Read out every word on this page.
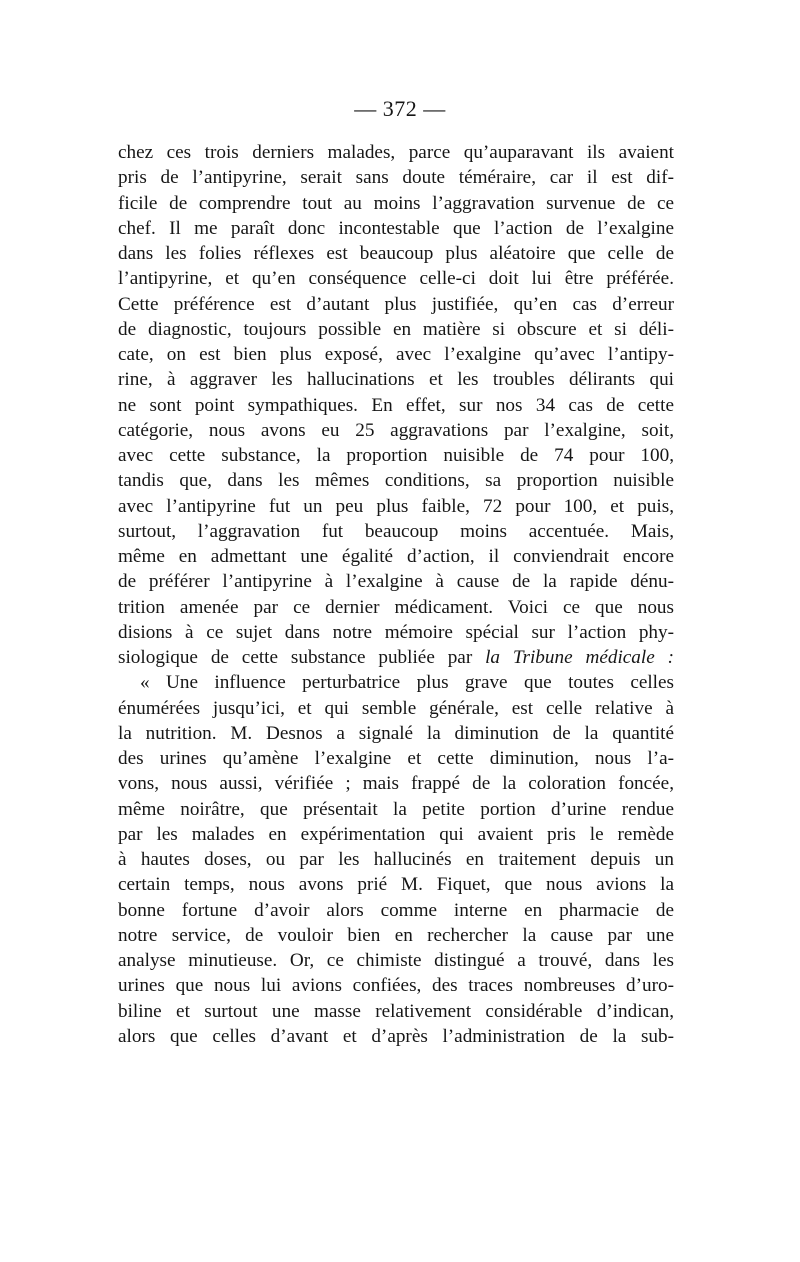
— 372 —
chez ces trois derniers malades, parce qu’auparavant ils avaient
pris de l’antipyrine, serait sans doute téméraire, car il est dif-
ficile de comprendre tout au moins l’aggravation survenue de ce
chef. Il me paraît donc incontestable que l’action de l’exalgine
dans les folies réflexes est beaucoup plus aléatoire que celle de
l’antipyrine, et qu’en conséquence celle-ci doit lui être préférée.
Cette préférence est d’autant plus justifiée, qu’en cas d’erreur
de diagnostic, toujours possible en matière si obscure et si déli-
cate, on est bien plus exposé, avec l’exalgine qu’avec l’antipy-
rine, à aggraver les hallucinations et les troubles délirants qui
ne sont point sympathiques. En effet, sur nos 34 cas de cette
catégorie, nous avons eu 25 aggravations par l’exalgine, soit,
avec cette substance, la proportion nuisible de 74 pour 100,
tandis que, dans les mêmes conditions, sa proportion nuisible
avec l’antipyrine fut un peu plus faible, 72 pour 100, et puis,
surtout, l’aggravation fut beaucoup moins accentuée. Mais,
même en admettant une égalité d’action, il conviendrait encore
de préférer l’antipyrine à l’exalgine à cause de la rapide dénu-
trition amenée par ce dernier médicament. Voici ce que nous
disions à ce sujet dans notre mémoire spécial sur l’action phy-
siologique de cette substance publiée par la Tribune médicale :
« Une influence perturbatrice plus grave que toutes celles
énumérées jusqu’ici, et qui semble générale, est celle relative à
la nutrition. M. Desnos a signalé la diminution de la quantité
des urines qu’amène l’exalgine et cette diminution, nous l’a-
vons, nous aussi, vérifiée ; mais frappé de la coloration foncée,
même noirâtre, que présentait la petite portion d’urine rendue
par les malades en expérimentation qui avaient pris le remède
à hautes doses, ou par les hallucinés en traitement depuis un
certain temps, nous avons prié M. Fiquet, que nous avions la
bonne fortune d’avoir alors comme interne en pharmacie de
notre service, de vouloir bien en rechercher la cause par une
analyse minutieuse. Or, ce chimiste distingué a trouvé, dans les
urines que nous lui avions confiées, des traces nombreuses d’uro-
biline et surtout une masse relativement considérable d’indican,
alors que celles d’avant et d’après l’administration de la sub-
